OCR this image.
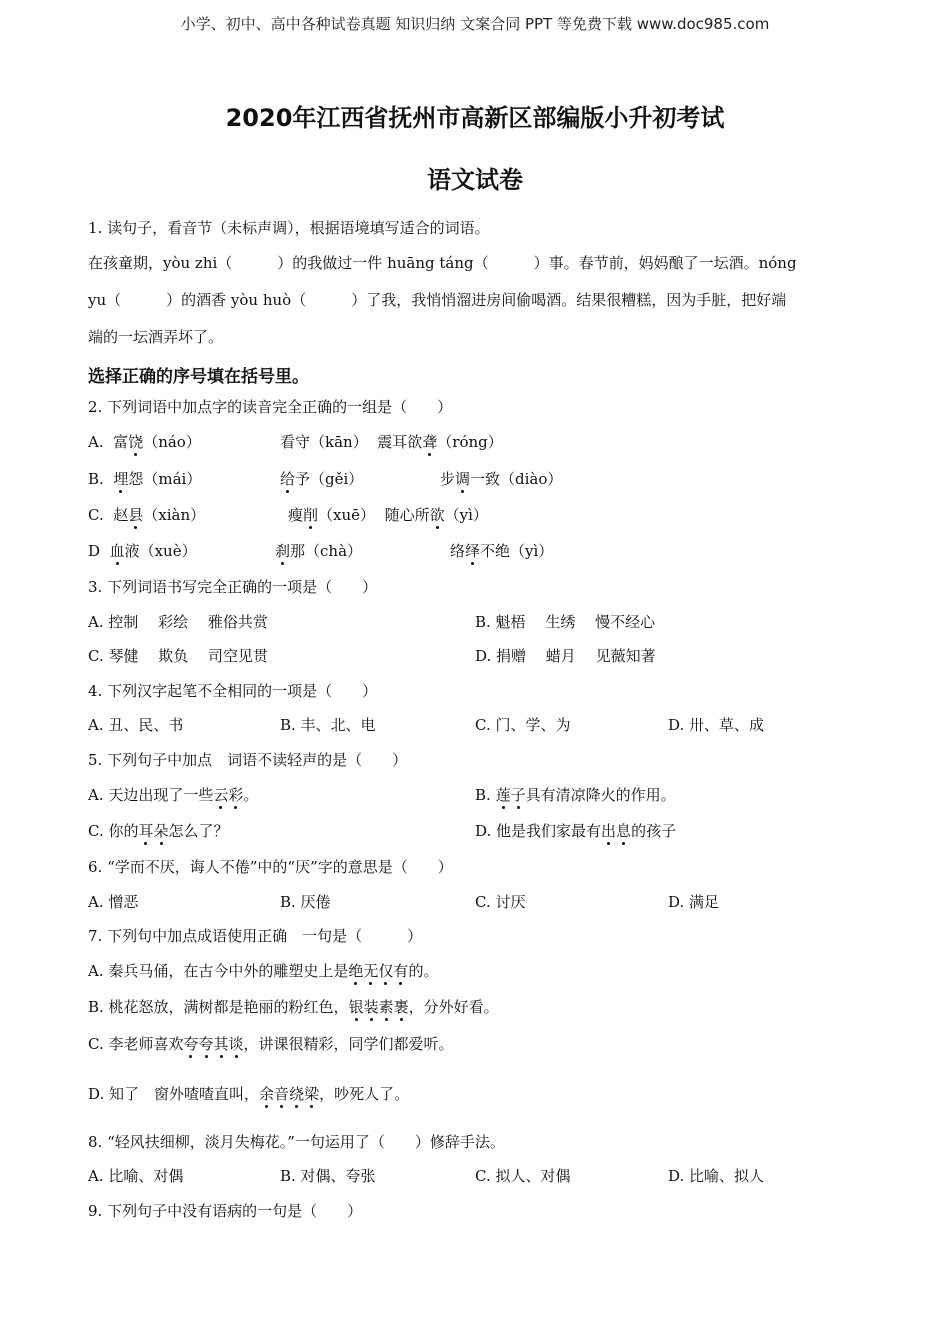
小学、初中、高中各种试卷真题 知识归纳 文案合同 PPT 等免费下载 www.doc985.com
2020年江西省抚州市高新区部编版小升初考试
语文试卷
1. 读句子，看音节（未标声调），根据语境填写适合的词语。
在孩童期，yòu zhi（　　　）的我做过一件 huāng táng（　　　）事。春节前，妈妈酿了一坛酒。nóng
yu（　　　）的酒香 yòu huò（　　　）了我，我悄悄溜进房间偷喝酒。结果很糟糕，因为手脏，把好端
端的一坛酒弄坏了。
选择正确的序号填在括号里。
2. 下列词语中加点字的读音完全正确的一组是（　　）
A. 富饶（náo）	看守（kān） 震耳欲聋（róng）
B. 埋怨（mái）	给予（gěi）	步调一致（diào）
C. 赵县（xiàn）	瘦削（xuē） 随心所欲（yì）
D 血液（xuè）	刹那（chà）	络绎不绝（yì）
3. 下列词语书写完全正确的一项是（　　）
A. 控制　 彩绘　 雅俗共赏	B. 魁梧　 生绣　 慢不经心
C. 琴健　 欺负　 司空见贯	D. 捐赠　 蜡月　 见薇知著
4. 下列汉字起笔不全相同的一项是（　　）
A. 丑、民、书	B. 丰、北、电	C. 门、学、为	D. 卅、草、成
5. 下列句子中加点　词语不读轻声的是（　　）
A. 天边出现了一些云彩。	B. 莲子具有清凉降火的作用。
C. 你的耳朵怎么了？	D. 他是我们家最有出息的孩子
6. “学而不厌，诲人不倦”中的“厌”字的意思是（　　）
A. 憎恶	B. 厌倦	C. 讨厌	D. 满足
7. 下列句中加点成语使用正确　一句是（　　　）
A. 秦兵马俑，在古今中外的雕塑史上是绝无仅有的。
B. 桃花怒放，满树都是艳丽的粉红色，银装素裹，分外好看。
C. 李老师喜欢夸夸其谈，讲课很精彩，同学们都爱听。
D. 知了　窗外喳喳直叫，余音绕梁，吵死人了。
8. “轻风扶细柳，淡月失梅花。”一句运用了（　　）修辞手法。
A. 比喻、对偶	B. 对偶、夸张	C. 拟人、对偶	D. 比喻、拟人
9. 下列句子中没有语病的一句是（　　）
